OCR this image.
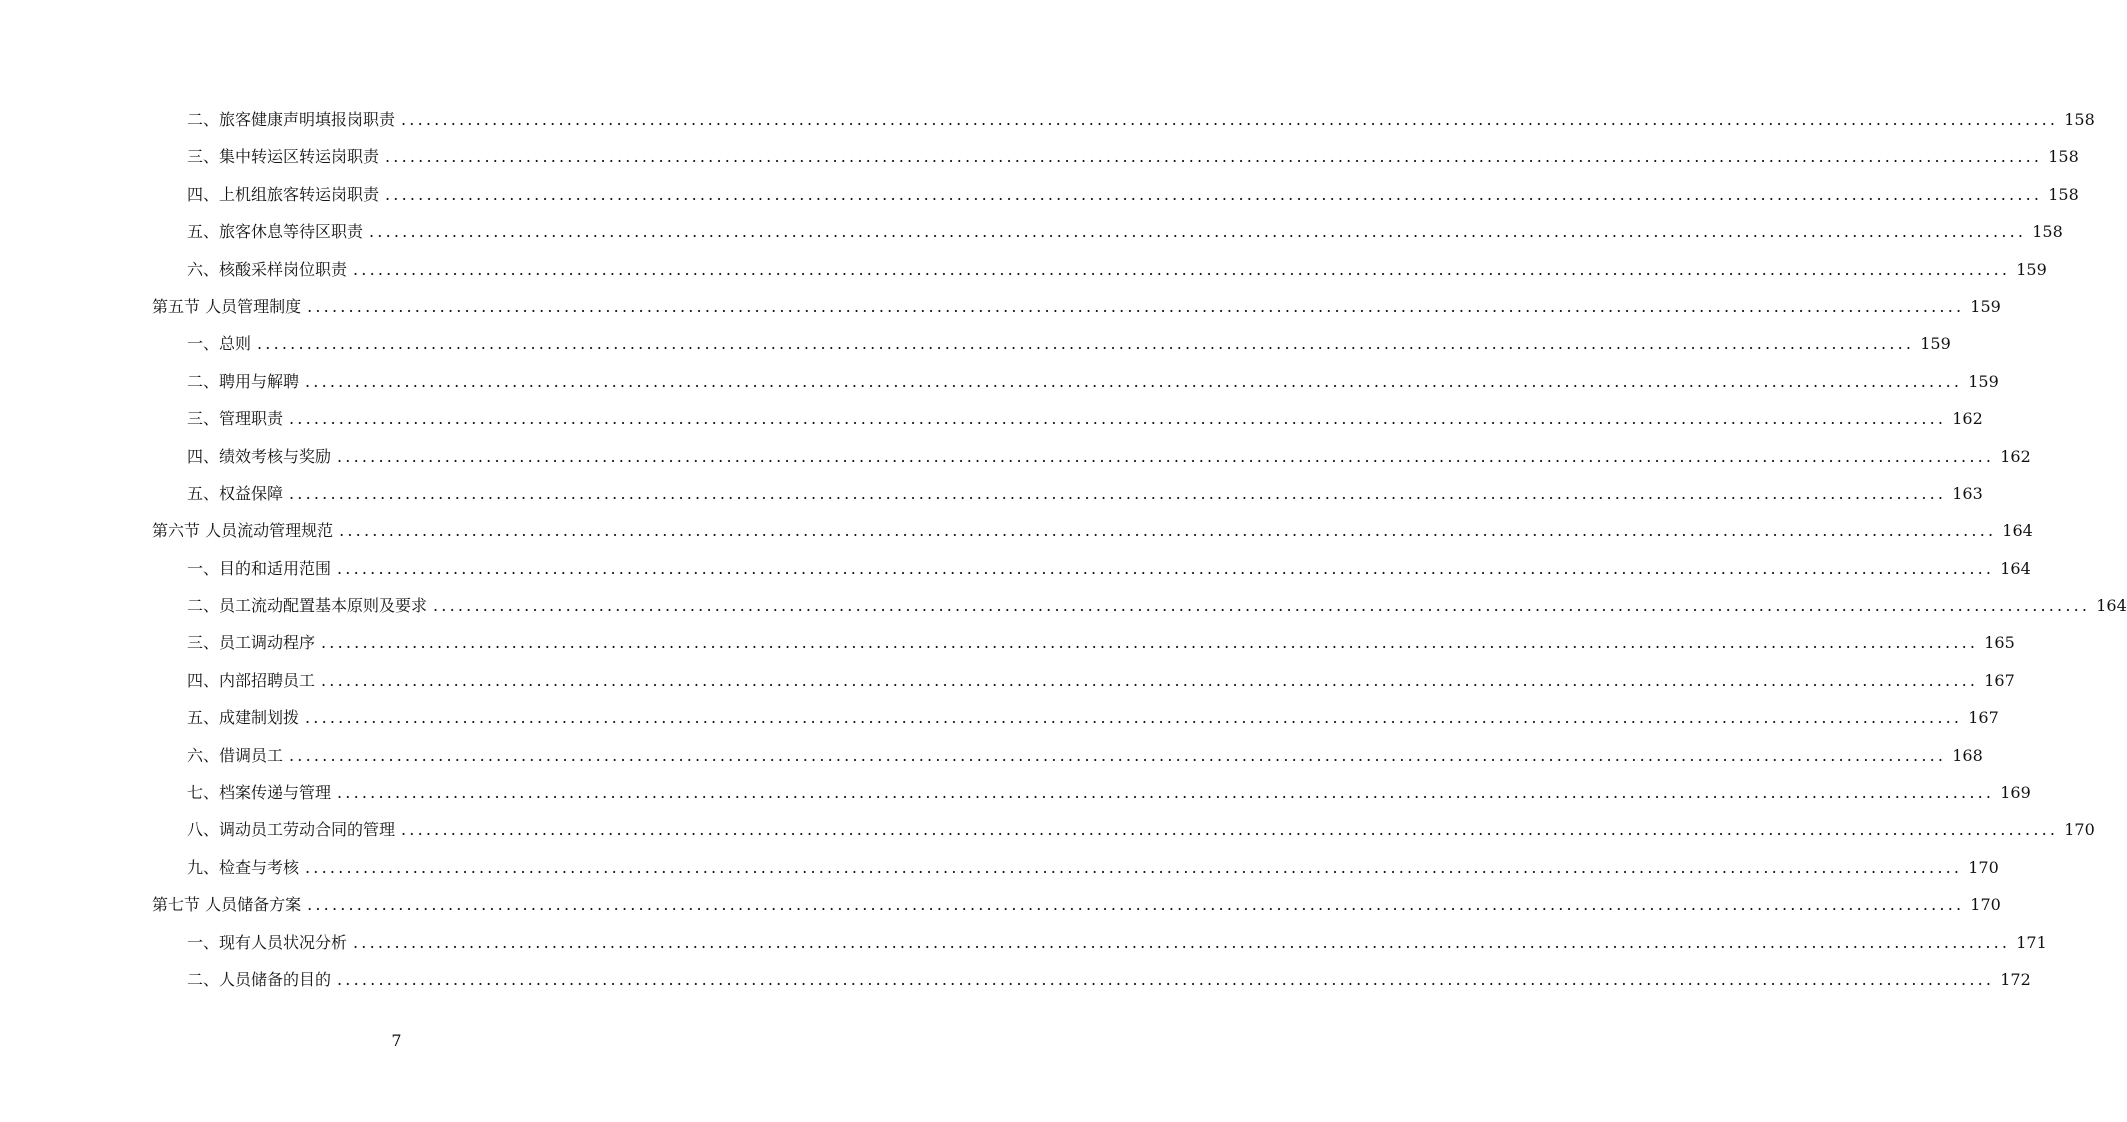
二、旅客健康声明填报岗职责 ........................................................................................................................................................................................................ 158
三、集中转运区转运岗职责 ........................................................................................................................................................................................................ 158
四、上机组旅客转运岗职责 ........................................................................................................................................................................................................ 158
五、旅客休息等待区职责 ........................................................................................................................................................................................................ 158
六、核酸采样岗位职责 ........................................................................................................................................................................................................ 159
第五节 人员管理制度 ........................................................................................................................................................................................................ 159
一、总则 ........................................................................................................................................................................................................ 159
二、聘用与解聘 ........................................................................................................................................................................................................ 159
三、管理职责 ........................................................................................................................................................................................................ 162
四、绩效考核与奖励 ........................................................................................................................................................................................................ 162
五、权益保障 ........................................................................................................................................................................................................ 163
第六节 人员流动管理规范 ........................................................................................................................................................................................................ 164
一、目的和适用范围 ........................................................................................................................................................................................................ 164
二、员工流动配置基本原则及要求 ........................................................................................................................................................................................................ 164
三、员工调动程序 ........................................................................................................................................................................................................ 165
四、内部招聘员工 ........................................................................................................................................................................................................ 167
五、成建制划拨 ........................................................................................................................................................................................................ 167
六、借调员工 ........................................................................................................................................................................................................ 168
七、档案传递与管理 ........................................................................................................................................................................................................ 169
八、调动员工劳动合同的管理 ........................................................................................................................................................................................................ 170
九、检查与考核 ........................................................................................................................................................................................................ 170
第七节 人员储备方案 ........................................................................................................................................................................................................ 170
一、现有人员状况分析 ........................................................................................................................................................................................................ 171
二、人员储备的目的 ........................................................................................................................................................................................................ 172
7
